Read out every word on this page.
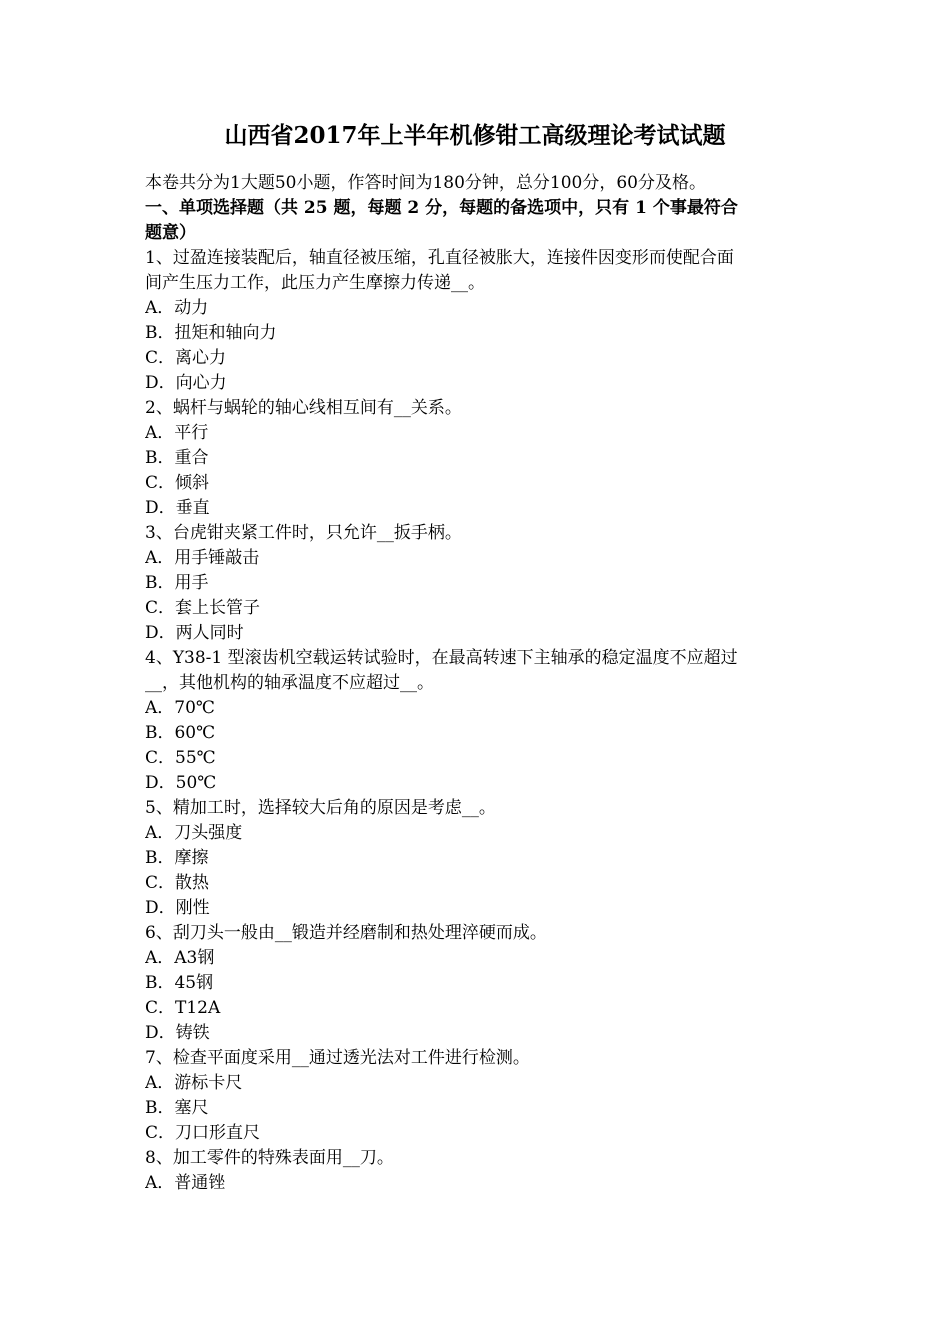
山西省2017年上半年机修钳工高级理论考试试题
本卷共分为1大题50小题，作答时间为180分钟，总分100分，60分及格。
一、单项选择题（共 25 题，每题 2 分，每题的备选项中，只有 1 个事最符合
题意）
1、过盈连接装配后，轴直径被压缩，孔直径被胀大，连接件因变形而使配合面
间产生压力工作，此压力产生摩擦力传递__。
A．动力
B．扭矩和轴向力
C．离心力
D．向心力
2、蜗杆与蜗轮的轴心线相互间有__关系。
A．平行
B．重合
C．倾斜
D．垂直
3、台虎钳夹紧工件时，只允许__扳手柄。
A．用手锤敲击
B．用手
C．套上长管子
D．两人同时
4、Y38-1 型滚齿机空载运转试验时，在最高转速下主轴承的稳定温度不应超过
__，其他机构的轴承温度不应超过__。
A．70℃
B．60℃
C．55℃
D．50℃
5、精加工时，选择较大后角的原因是考虑__。
A．刀头强度
B．摩擦
C．散热
D．刚性
6、刮刀头一般由__锻造并经磨制和热处理淬硬而成。
A．A3钢
B．45钢
C．T12A
D．铸铁
7、检查平面度采用__通过透光法对工件进行检测。
A．游标卡尺
B．塞尺
C．刀口形直尺
8、加工零件的特殊表面用__刀。
A．普通锉
